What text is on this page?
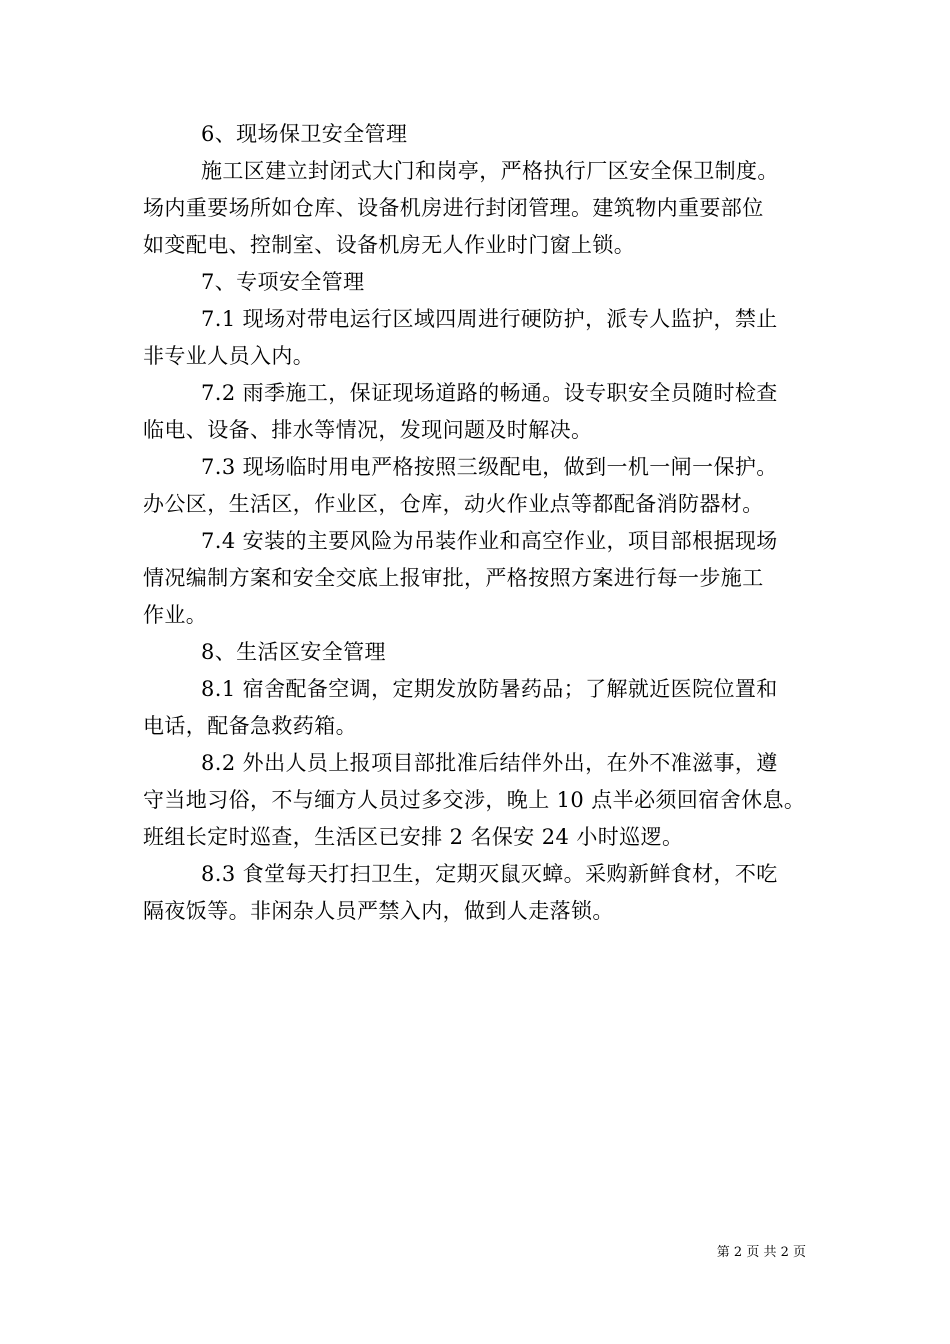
6、现场保卫安全管理
施工区建立封闭式大门和岗亭，严格执行厂区安全保卫制度。
场内重要场所如仓库、设备机房进行封闭管理。建筑物内重要部位
如变配电、控制室、设备机房无人作业时门窗上锁。
7、专项安全管理
7.1 现场对带电运行区域四周进行硬防护，派专人监护，禁止
非专业人员入内。
7.2 雨季施工，保证现场道路的畅通。设专职安全员随时检查
临电、设备、排水等情况，发现问题及时解决。
7.3 现场临时用电严格按照三级配电，做到一机一闸一保护。
办公区，生活区，作业区，仓库，动火作业点等都配备消防器材。
7.4 安装的主要风险为吊装作业和高空作业，项目部根据现场
情况编制方案和安全交底上报审批，严格按照方案进行每一步施工
作业。
8、生活区安全管理
8.1 宿舍配备空调，定期发放防暑药品；了解就近医院位置和
电话，配备急救药箱。
8.2 外出人员上报项目部批准后结伴外出，在外不准滋事，遵
守当地习俗，不与缅方人员过多交涉，晚上 10 点半必须回宿舍休息。
班组长定时巡查，生活区已安排 2 名保安 24 小时巡逻。
8.3 食堂每天打扫卫生，定期灭鼠灭蟑。采购新鲜食材，不吃
隔夜饭等。非闲杂人员严禁入内，做到人走落锁。
第 2 页 共 2 页
